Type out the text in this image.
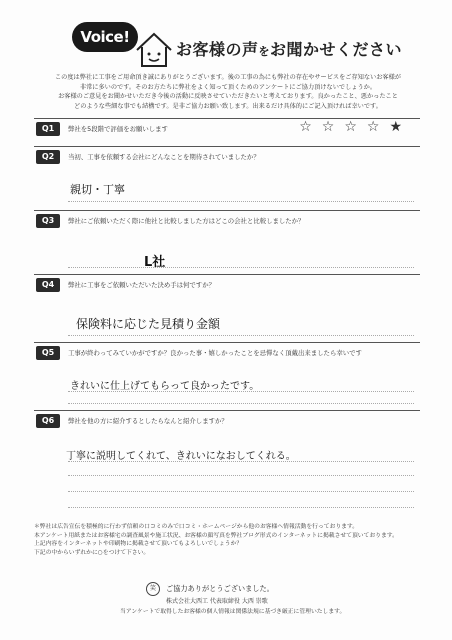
Voice!
お客様の声をお聞かせください
この度は弊社に工事をご用命頂き誠にありがとうございます。後の工事の為にも弊社の存在やサービスをご存知ないお客様が
非常に多いのです。そのお方たちに弊社をよく知って頂くためのアンケートにご協力頂けないでしょうか。
お客様のご意見をお聞かせいただき今後の活動に反映させていただきたいと考えております。良かったこと、悪かったこと
どのような些細な事でも結構です。是非ご協力お願い致します。出来るだけ具体的にご記入頂ければ幸いです。
Q1	弊社を5段階で評価をお願いします	☆☆☆☆★
Q2	当初、工事を依頼する会社にどんなことを期待されていましたか？
親切・丁寧
Q3	弊社にご依頼いただく際に他社と比較しました方はどこの会社と比較しましたか？
L社
Q4	弊社に工事をご依頼いただいた決め手は何ですか？
保険料に応じた見積り金額
Q5	工事が終わってみていかがですか？良かった事・嬉しかったことを忌憚なく頂戴出来ましたら幸いです
きれいに仕上げてもらって良かったです。
Q6	弊社を他の方に紹介するとしたらなんと紹介しますか？
丁寧に説明してくれて、きれいになおしてくれる。
＊弊社は広告宣伝を積極的に行わず信頼の口コミのみで口コミ・ホームページから他のお客様へ情報活動を行っております。
本アンケート用紙またはお客様宅の調査風景や施工状況、お客様の顔写真を弊社ブログ形式のインターネットに掲載させて頂いております。
上記内容をインターネットや印刷物に掲載させて頂いてもよろしいでしょうか？
下記の中からいずれかに○をつけて下さい。
笑	ご協力ありがとうございました。
株式会社大西工 代表取締役 大西 崇歌
当アンケートで取得したお客様の個人情報は関係法規に基づき厳正に管理いたします。
